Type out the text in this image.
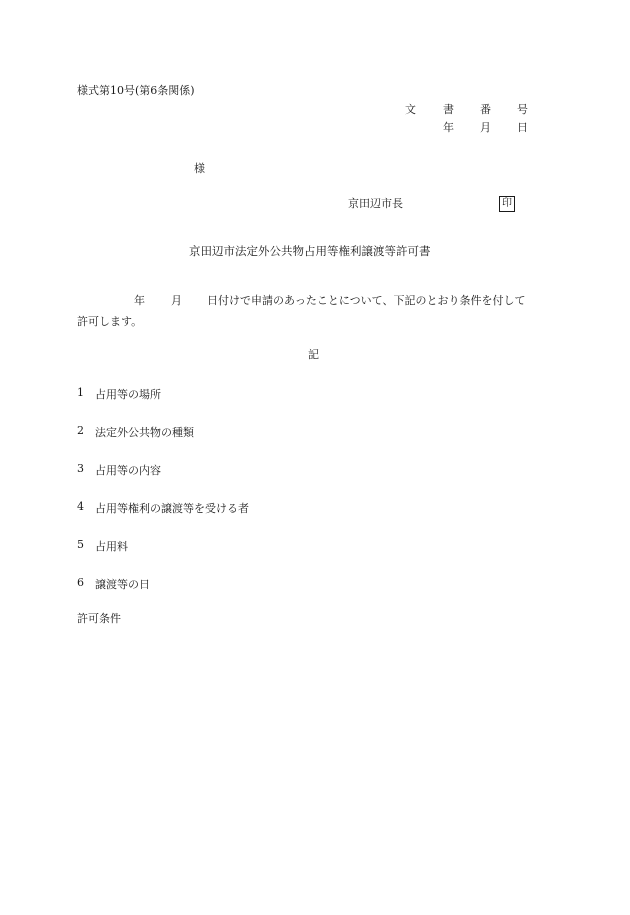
様式第10号(第6条関係)
文 書 番 号
年 月 日
様
京田辺市長	印
京田辺市法定外公共物占用等権利譲渡等許可書
年 月 日付けで申請のあったことについて、下記のとおり条件を付して
許可します。
記
1 占用等の場所
2 法定外公共物の種類
3 占用等の内容
4 占用等権利の譲渡等を受ける者
5 占用料
6 譲渡等の日
許可条件
